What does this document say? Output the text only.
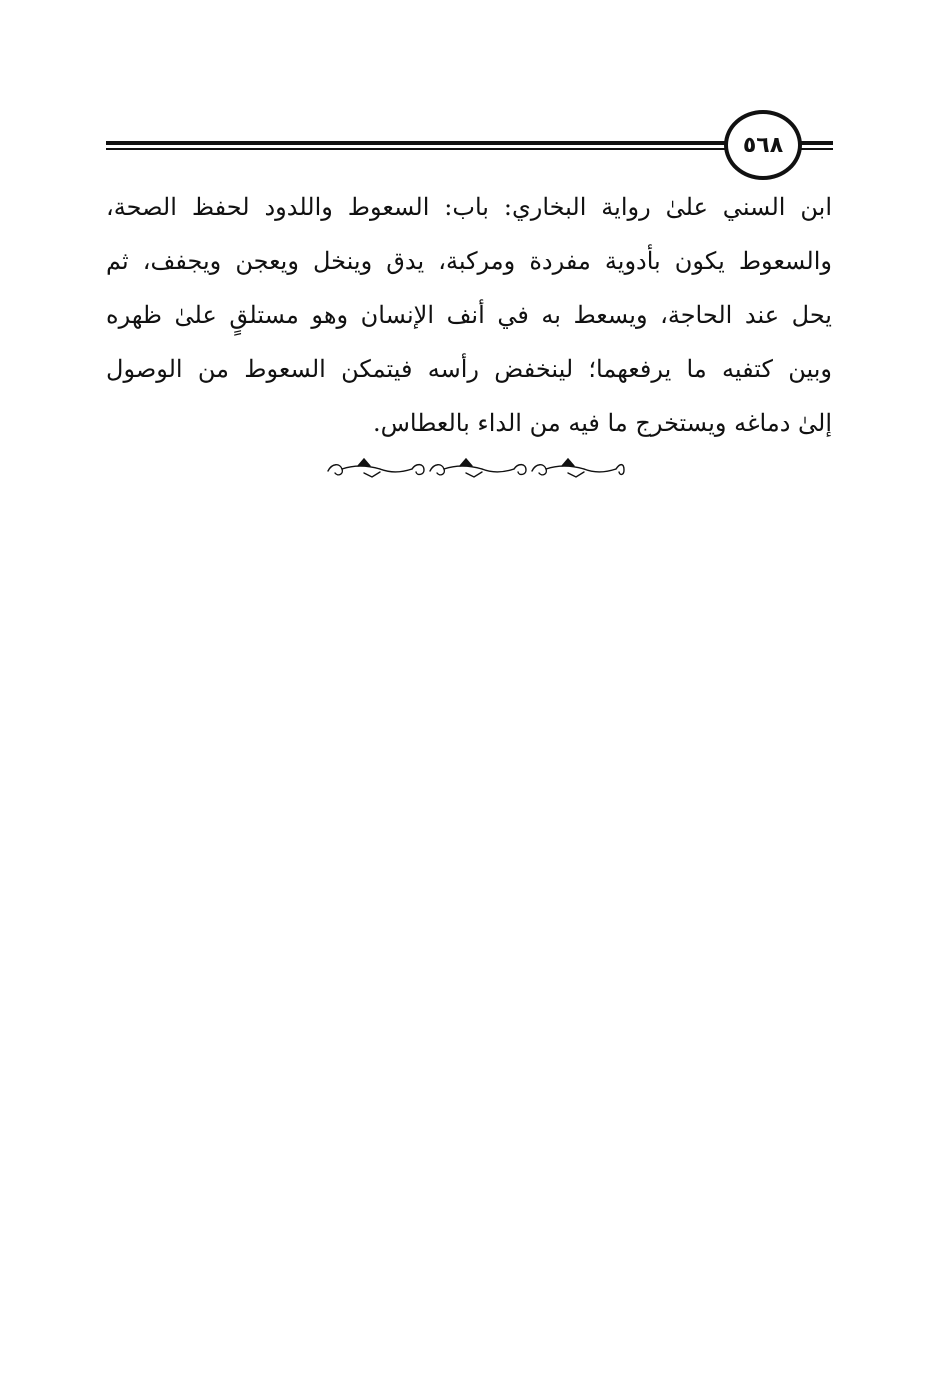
٥٦٨
ابن السني علىٰ رواية البخاري: باب: السعوط واللدود لحفظ الصحة،
والسعوط يكون بأدوية مفردة ومركبة، يدق وينخل ويعجن ويجفف، ثم
يحل عند الحاجة، ويسعط به في أنف الإنسان وهو مستلقٍ علىٰ ظهره
وبين كتفيه ما يرفعهما؛ لينخفض رأسه فيتمكن السعوط من الوصول
إلىٰ دماغه ويستخرج ما فيه من الداء بالعطاس.
